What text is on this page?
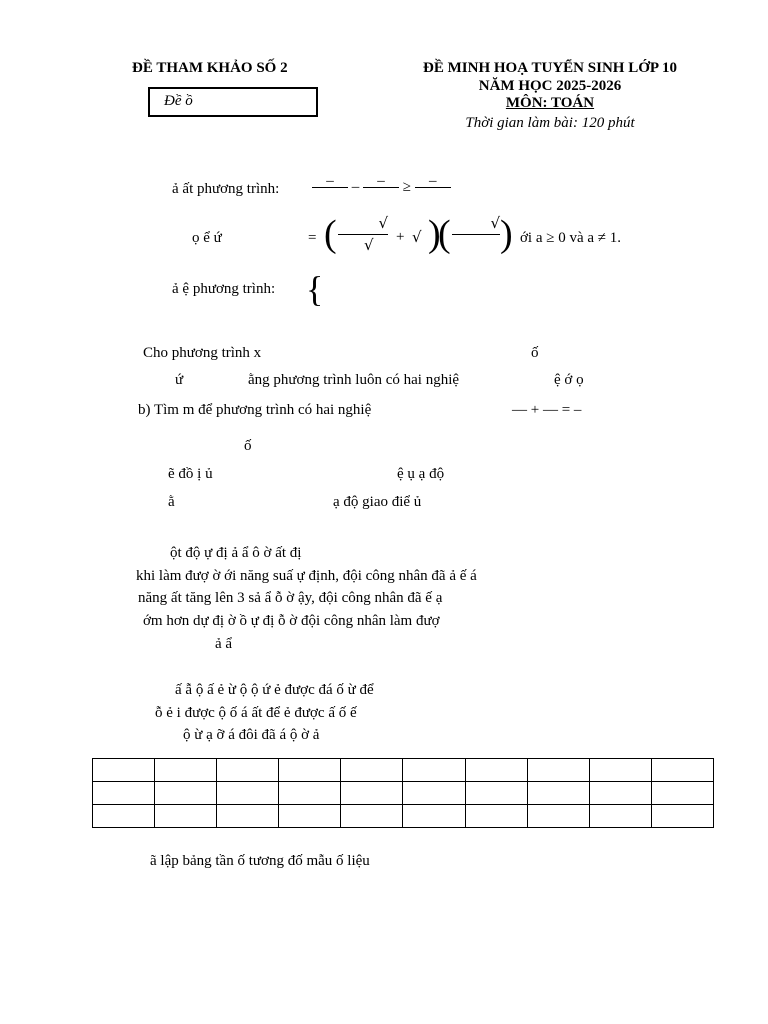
ĐỀ THAM KHẢO SỐ 2
Đề ồ
ĐỀ MINH HOẠ TUYỂN SINH LỚP 10
NĂM HỌC 2025-2026
MÔN: TOÁN
Thời gian làm bài: 120 phút
ả ất phương trình:	–	–	–	≥	–
ọ ể ứ	= (	√
√ + √ )
(	√ ) ới a ≥ 0 và a ≠ 1.
ả ệ phương trình: {
Cho phương trình x	ố
ứ	ằng phương trình luôn có hai nghiệ	ệ ớ ọ
b) Tìm m để phương trình có hai nghiệ	— + — = –
ố
ẽ đồ ị ủ	ệ ụ ạ độ
ằ	ạ độ giao điể ủ
ột độ ự đị ả ẩ ô ờ ất đị
khi làm đượ ờ ới năng suấ ự định, đội công nhân đã ả ế á
năng ất tăng lên 3 sả ẩ ỗ ờ ậy, đội công nhân đã ế ạ
ớm hơn dự đị ờ ồ ự đị ỗ ờ đội công nhân làm đượ
ả ẩ
ấ ẫ ộ ấ ẻ ừ ộ ộ ứ ẻ được đá ố ừ để
ỗ ẻ i được ộ ố á ất để ẻ được ấ ố ế
ộ ừ ạ ỡ á đôi đã á ộ ờ ả

ã lập bảng tần ố tương đố mẫu ố liệu
